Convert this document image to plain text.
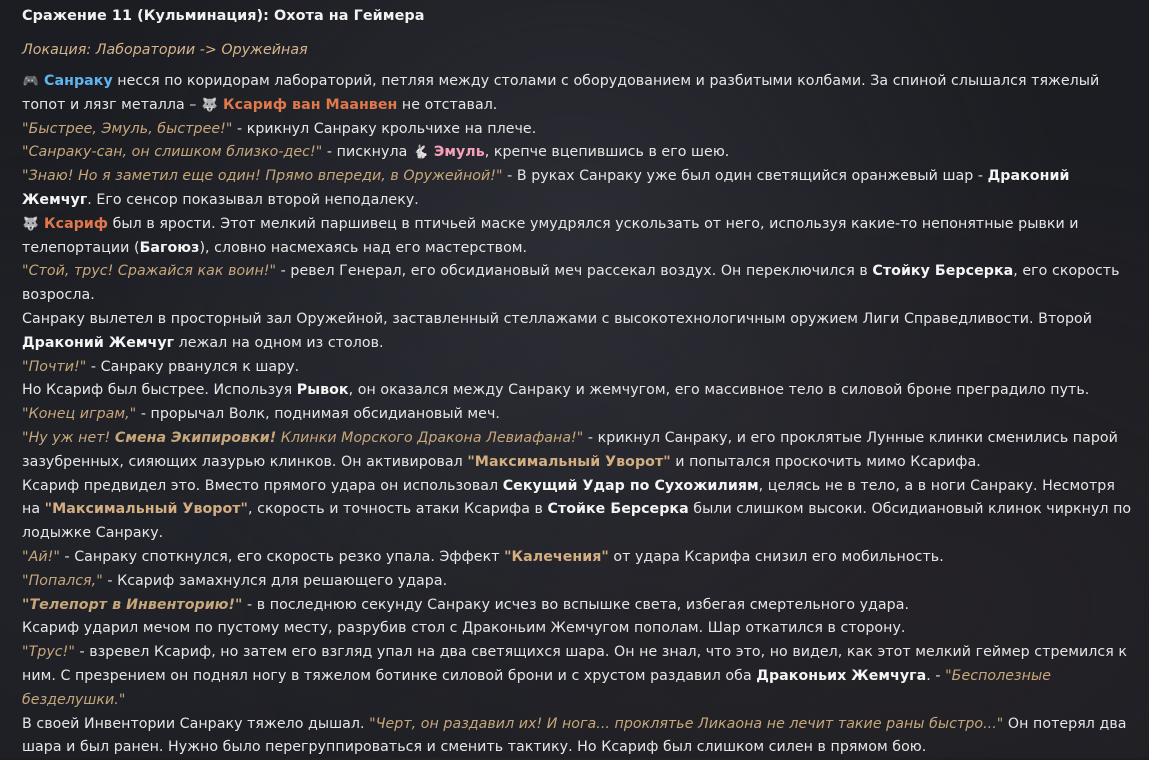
Сражение 11 (Кульминация): Охота на Геймера
Локация: Лаборатории -> Оружейная

🎮 Санраку несся по коридорам лабораторий, петляя между столами с оборудованием и разбитыми колбами. За спиной слышался тяжелый топот и лязг металла – 🐺 Ксариф ван Маанвен не отставал.

"Быстрее, Эмуль, быстрее!" - крикнул Санраку крольчихе на плече.

"Санраку-сан, он слишком близко-дес!" - пискнула 🐇 Эмуль, крепче вцепившись в его шею.

"Знаю! Но я заметил еще один! Прямо впереди, в Оружейной!" - В руках Санраку уже был один светящийся оранжевый шар - Драконий Жемчуг. Его сенсор показывал второй неподалеку.

🐺 Ксариф был в ярости. Этот мелкий паршивец в птичьей маске умудрялся ускользать от него, используя какие-то непонятные рывки и телепортации (Багоюз), словно насмехаясь над его мастерством.

"Стой, трус! Сражайся как воин!" - ревел Генерал, его обсидиановый меч рассекал воздух. Он переключился в Стойку Берсерка, его скорость возросла.

Санраку вылетел в просторный зал Оружейной, заставленный стеллажами с высокотехнологичным оружием Лиги Справедливости. Второй Драконий Жемчуг лежал на одном из столов.

"Почти!" - Санраку рванулся к шару.

Но Ксариф был быстрее. Используя Рывок, он оказался между Санраку и жемчугом, его массивное тело в силовой броне преградило путь.

"Конец играм," - прорычал Волк, поднимая обсидиановый меч.

"Ну уж нет! Смена Экипировки! Клинки Морского Дракона Левиафана!" - крикнул Санраку, и его проклятые Лунные клинки сменились парой зазубренных, сияющих лазурью клинков. Он активировал "Максимальный Уворот" и попытался проскочить мимо Ксарифа.

Ксариф предвидел это. Вместо прямого удара он использовал Секущий Удар по Сухожилиям, целясь не в тело, а в ноги Санраку. Несмотря на "Максимальный Уворот", скорость и точность атаки Ксарифа в Стойке Берсерка были слишком высоки. Обсидиановый клинок чиркнул по лодыжке Санраку.

"Ай!" - Санраку споткнулся, его скорость резко упала. Эффект "Калечения" от удара Ксарифа снизил его мобильность.

"Попался," - Ксариф замахнулся для решающего удара.

"Телепорт в Инвенторию!" - в последнюю секунду Санраку исчез во вспышке света, избегая смертельного удара.

Ксариф ударил мечом по пустому месту, разрубив стол с Драконьим Жемчугом пополам. Шар откатился в сторону.

"Трус!" - взревел Ксариф, но затем его взгляд упал на два светящихся шара. Он не знал, что это, но видел, как этот мелкий геймер стремился к ним. С презрением он поднял ногу в тяжелом ботинке силовой брони и с хрустом раздавил оба Драконьих Жемчуга. - "Бесполезные безделушки."

В своей Инвентории Санраку тяжело дышал. "Черт, он раздавил их! И нога... проклятье Ликаона не лечит такие раны быстро..." Он потерял два шара и был ранен. Нужно было перегруппироваться и сменить тактику. Но Ксариф был слишком силен в прямом бою.
